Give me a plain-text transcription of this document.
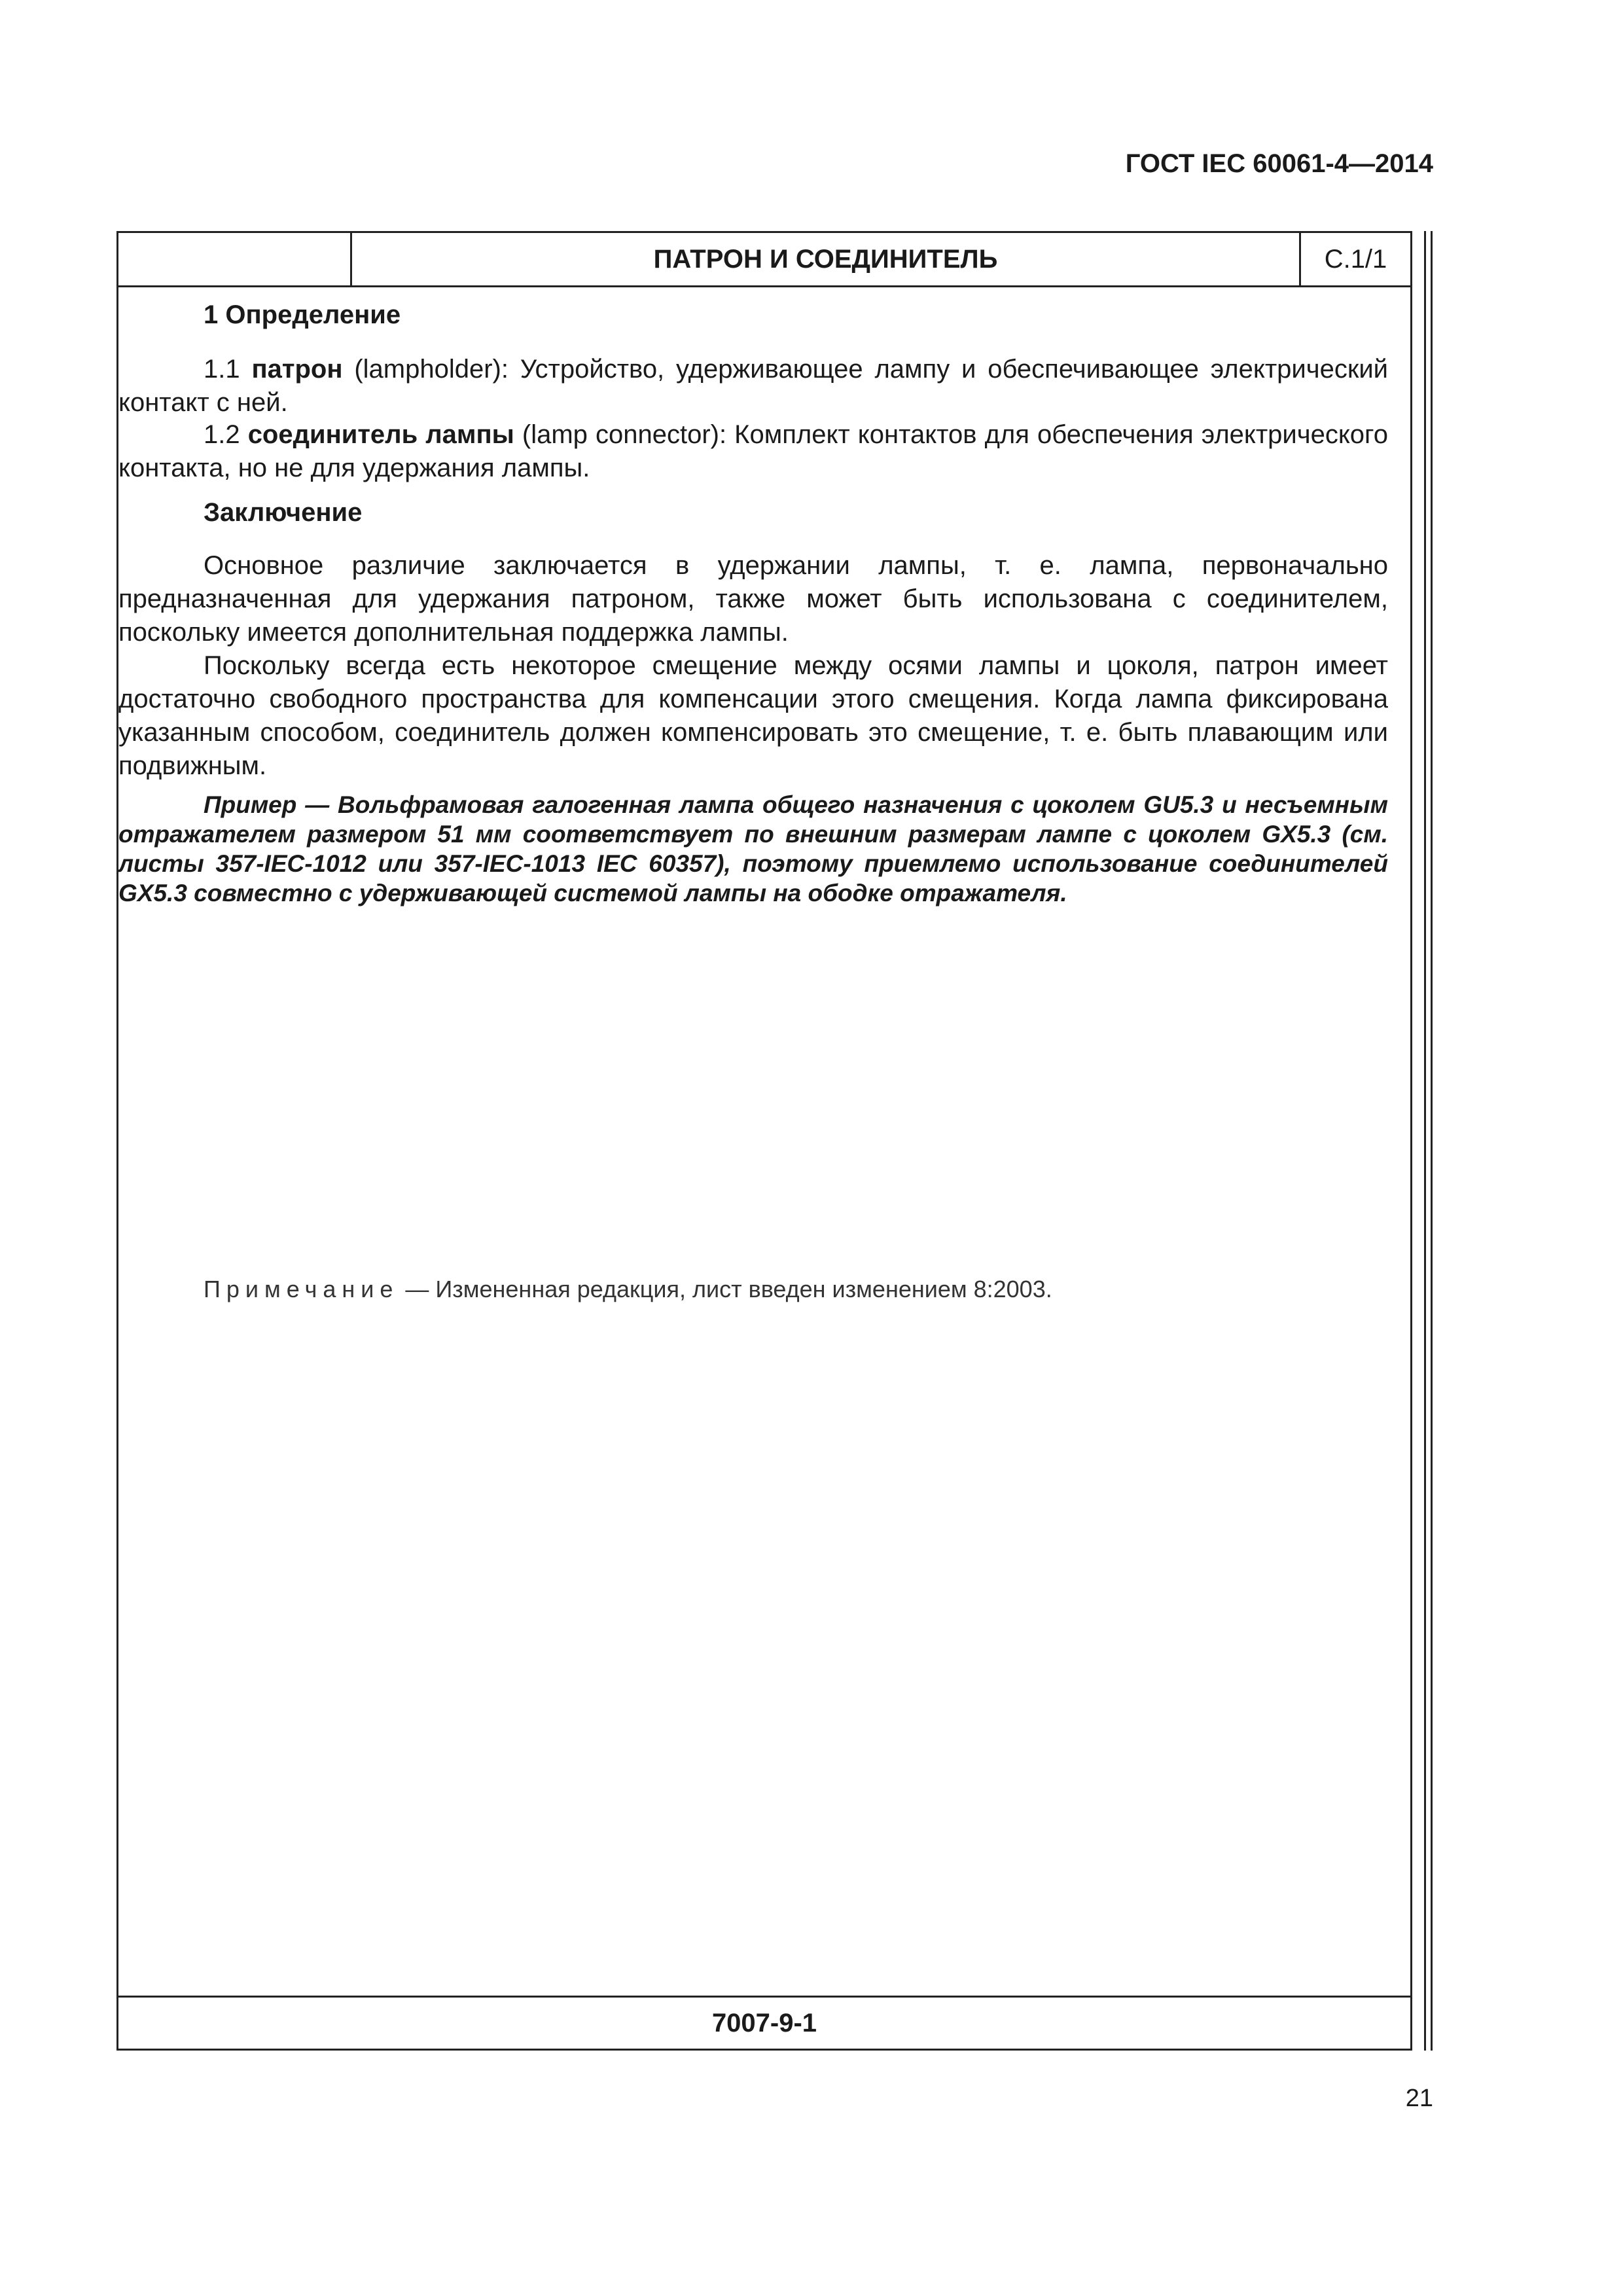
ГОСТ IEC 60061-4—2014
ПАТРОН И СОЕДИНИТЕЛЬ	C.1/1
1 Определение
1.1 патрон (lampholder): Устройство, удерживающее лампу и обеспечивающее электрический контакт с ней.
1.2 соединитель лампы (lamp connector): Комплект контактов для обеспечения электрического контакта, но не для удержания лампы.
Заключение
Основное различие заключается в удержании лампы, т. е. лампа, первоначально предназначенная для удержания патроном, также может быть использована с соединителем, поскольку имеется дополнительная поддержка лампы.
Поскольку всегда есть некоторое смещение между осями лампы и цоколя, патрон имеет достаточно свободного пространства для компенсации этого смещения. Когда лампа фиксирована указанным способом, соединитель должен компенсировать это смещение, т. е. быть плавающим или подвижным.
Пример — Вольфрамовая галогенная лампа общего назначения с цоколем GU5.3 и несъемным отражателем размером 51 мм соответствует по внешним размерам лампе с цоколем GX5.3 (см. листы 357-IEC-1012 или 357-IEC-1013 IEC 60357), поэтому приемлемо использование соединителей GX5.3 совместно с удерживающей системой лампы на ободке отражателя.
Примечание — Измененная редакция, лист введен изменением 8:2003.
7007-9-1
21
